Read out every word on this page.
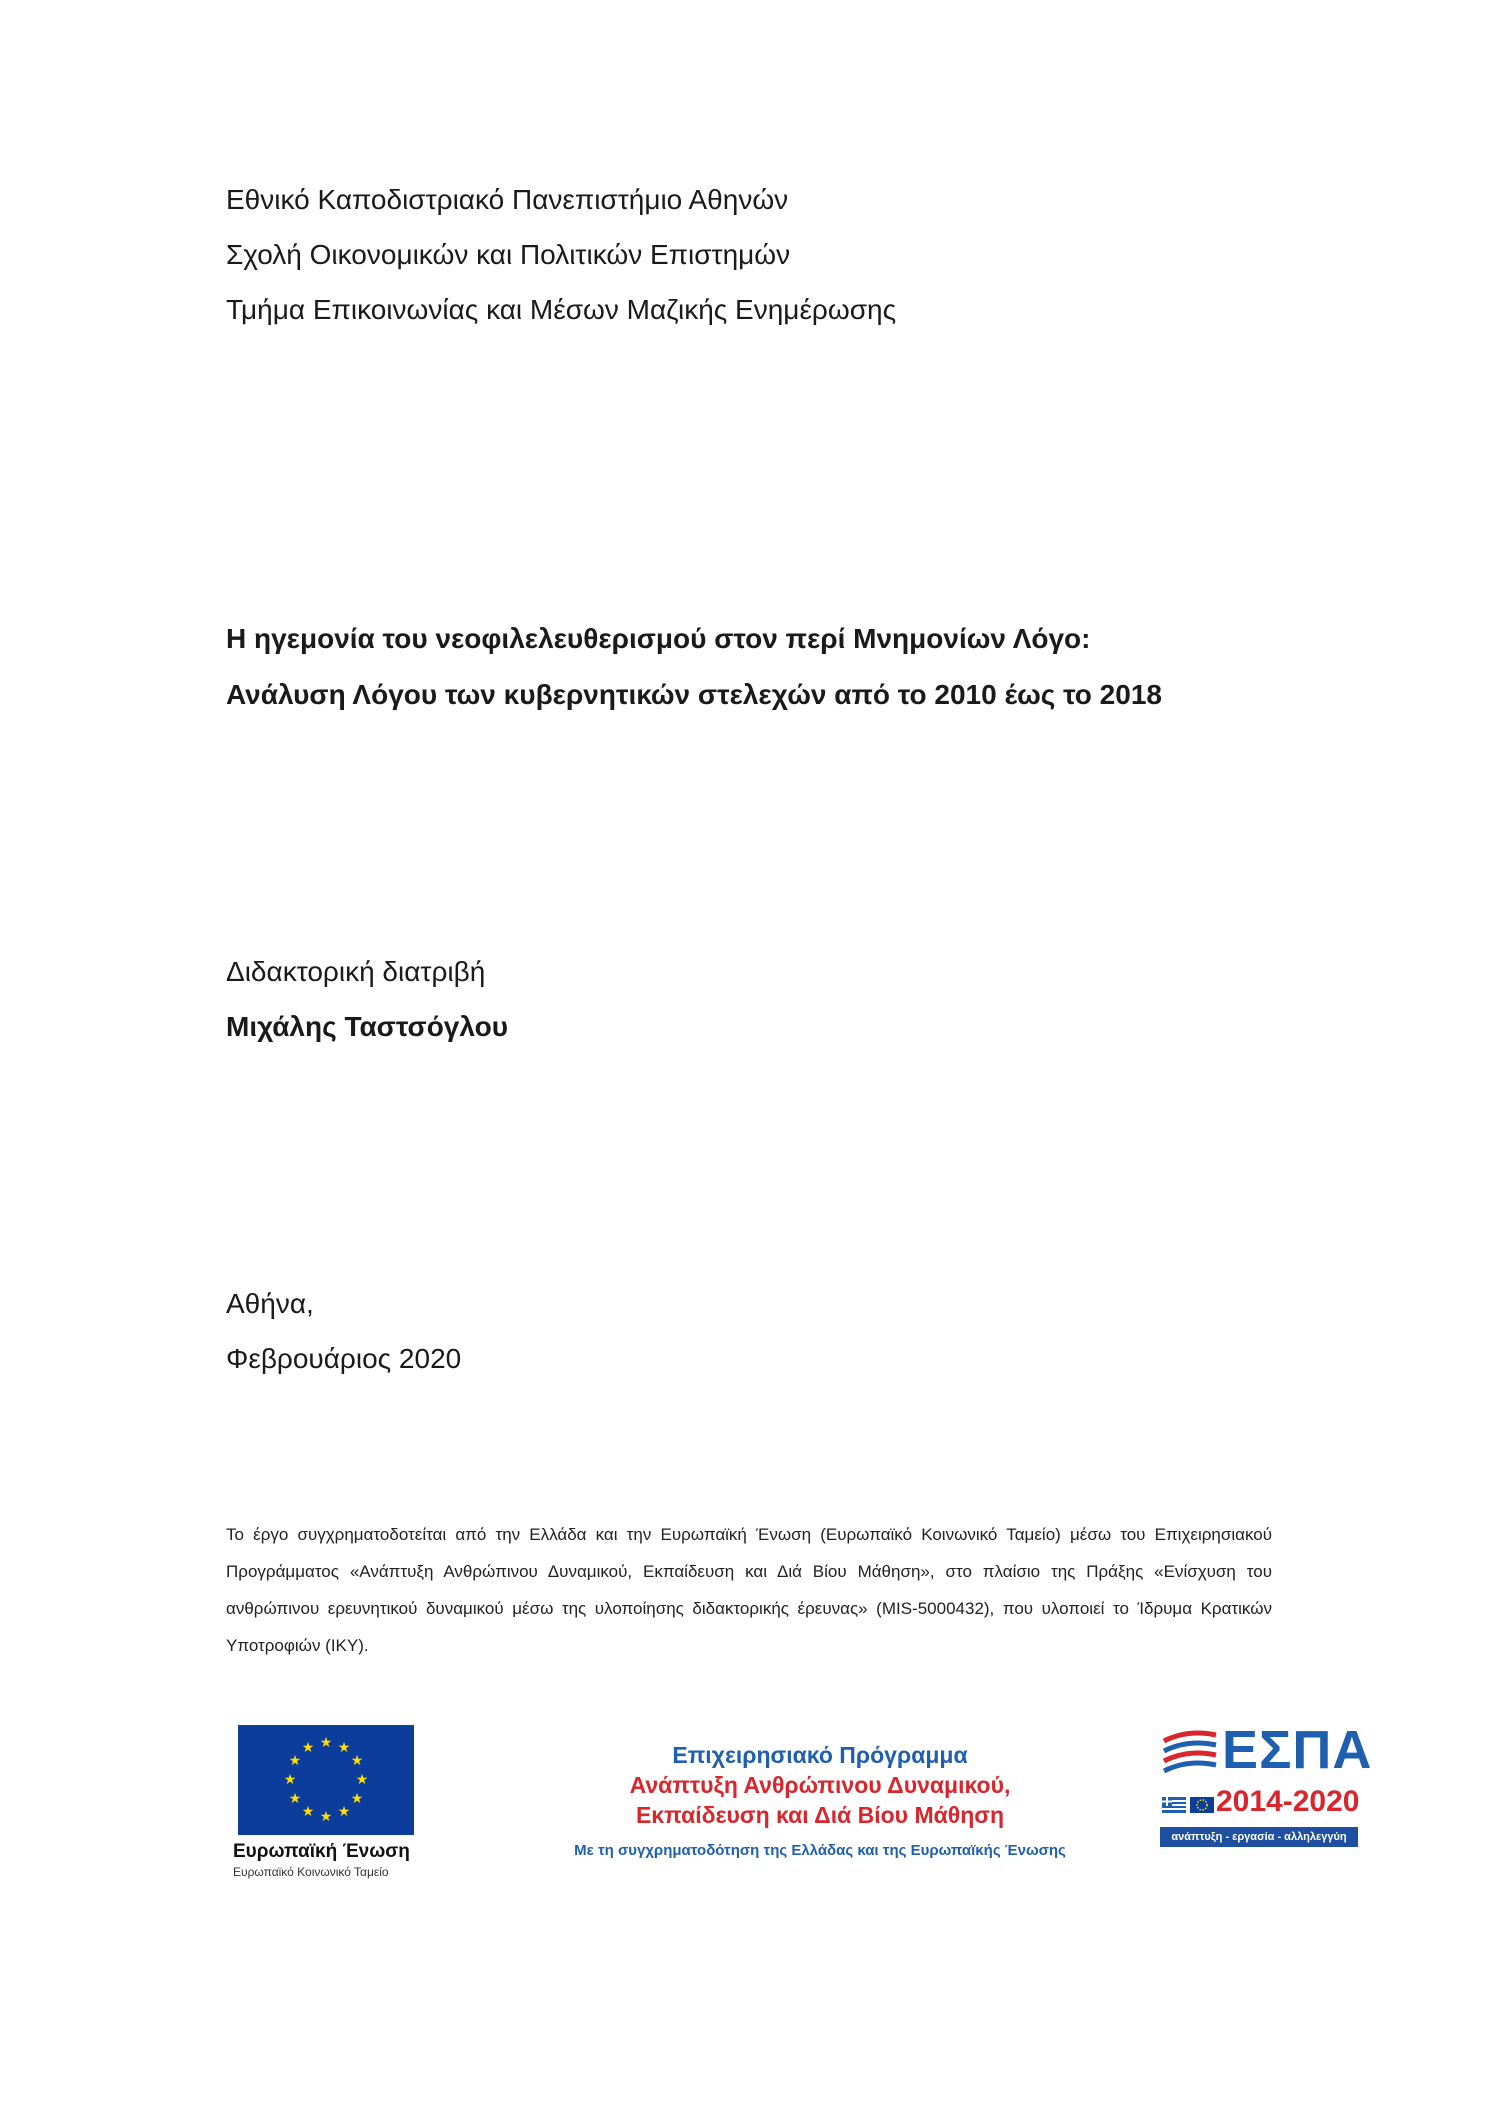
Εθνικό Καποδιστριακό Πανεπιστήμιο Αθηνών
Σχολή Οικονομικών και Πολιτικών Επιστημών
Τμήμα Επικοινωνίας και Μέσων Μαζικής Ενημέρωσης
Η ηγεμονία του νεοφιλελευθερισμού στον περί Μνημονίων Λόγο:
Ανάλυση Λόγου των κυβερνητικών στελεχών από το 2010 έως το 2018
Διδακτορική διατριβή
Μιχάλης Ταστσόγλου
Αθήνα,
Φεβρουάριος 2020
Το έργο συγχρηματοδοτείται από την Ελλάδα και την Ευρωπαϊκή Ένωση (Ευρωπαϊκό Κοινωνικό Ταμείο) μέσω του Επιχειρησιακού Προγράμματος «Ανάπτυξη Ανθρώπινου Δυναμικού, Εκπαίδευση και Διά Βίου Μάθηση», στο πλαίσιο της Πράξης «Ενίσχυση του ανθρώπινου ερευνητικού δυναμικού μέσω της υλοποίησης διδακτορικής έρευνας» (MIS-5000432), που υλοποιεί το Ίδρυμα Κρατικών Υποτροφιών (ΙΚΥ).
★ ★
★
★
★
★
★
★
★
★
★
★
Ευρωπαϊκή Ένωση
Ευρωπαϊκό Κοινωνικό Ταμείο
Επιχειρησιακό Πρόγραμμα
Ανάπτυξη Ανθρώπινου Δυναμικού,
Εκπαίδευση και Διά Βίου Μάθηση
Με τη συγχρηματοδότηση της Ελλάδας και της Ευρωπαϊκής Ένωσης
ΕΣΠΑ
2014-2020
ανάπτυξη - εργασία - αλληλεγγύη
